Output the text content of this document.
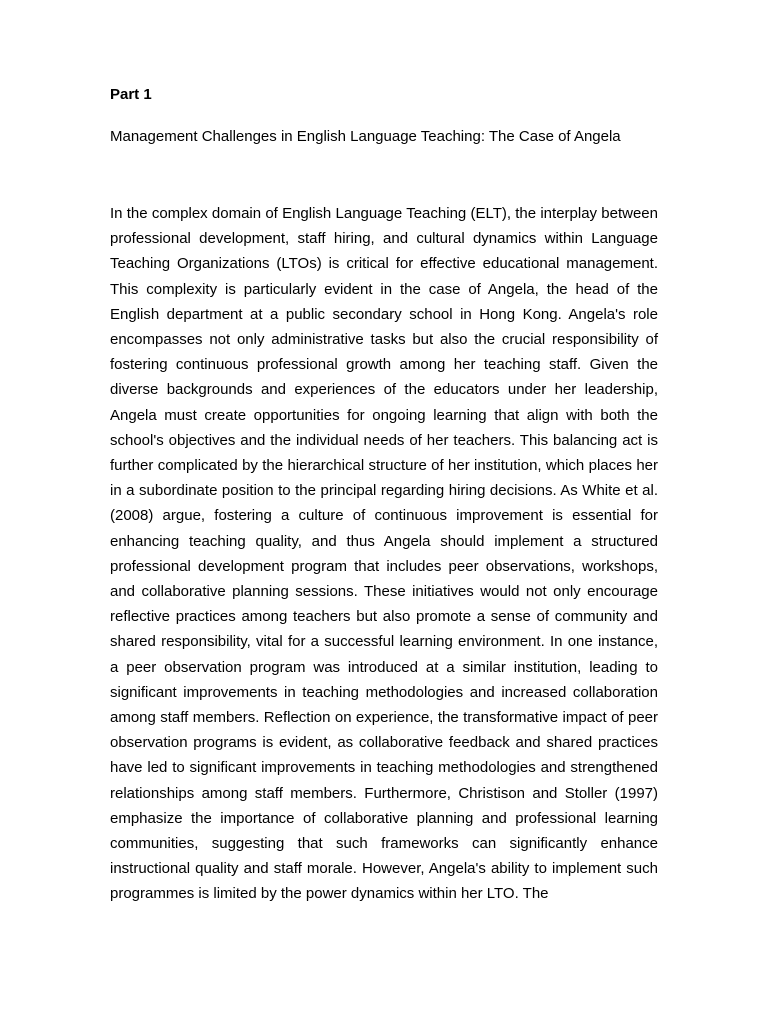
Part 1

Management Challenges in English Language Teaching: The Case of Angela

In the complex domain of English Language Teaching (ELT), the interplay between professional development, staff hiring, and cultural dynamics within Language Teaching Organizations (LTOs) is critical for effective educational management. This complexity is particularly evident in the case of Angela, the head of the English department at a public secondary school in Hong Kong. Angela's role encompasses not only administrative tasks but also the crucial responsibility of fostering continuous professional growth among her teaching staff. Given the diverse backgrounds and experiences of the educators under her leadership, Angela must create opportunities for ongoing learning that align with both the school's objectives and the individual needs of her teachers. This balancing act is further complicated by the hierarchical structure of her institution, which places her in a subordinate position to the principal regarding hiring decisions. As White et al. (2008) argue, fostering a culture of continuous improvement is essential for enhancing teaching quality, and thus Angela should implement a structured professional development program that includes peer observations, workshops, and collaborative planning sessions. These initiatives would not only encourage reflective practices among teachers but also promote a sense of community and shared responsibility, vital for a successful learning environment. In one instance, a peer observation program was introduced at a similar institution, leading to significant improvements in teaching methodologies and increased collaboration among staff members. Reflection on experience, the transformative impact of peer observation programs is evident, as collaborative feedback and shared practices have led to significant improvements in teaching methodologies and strengthened relationships among staff members. Furthermore, Christison and Stoller (1997) emphasize the importance of collaborative planning and professional learning communities, suggesting that such frameworks can significantly enhance instructional quality and staff morale. However, Angela's ability to implement such programmes is limited by the power dynamics within her LTO. The
